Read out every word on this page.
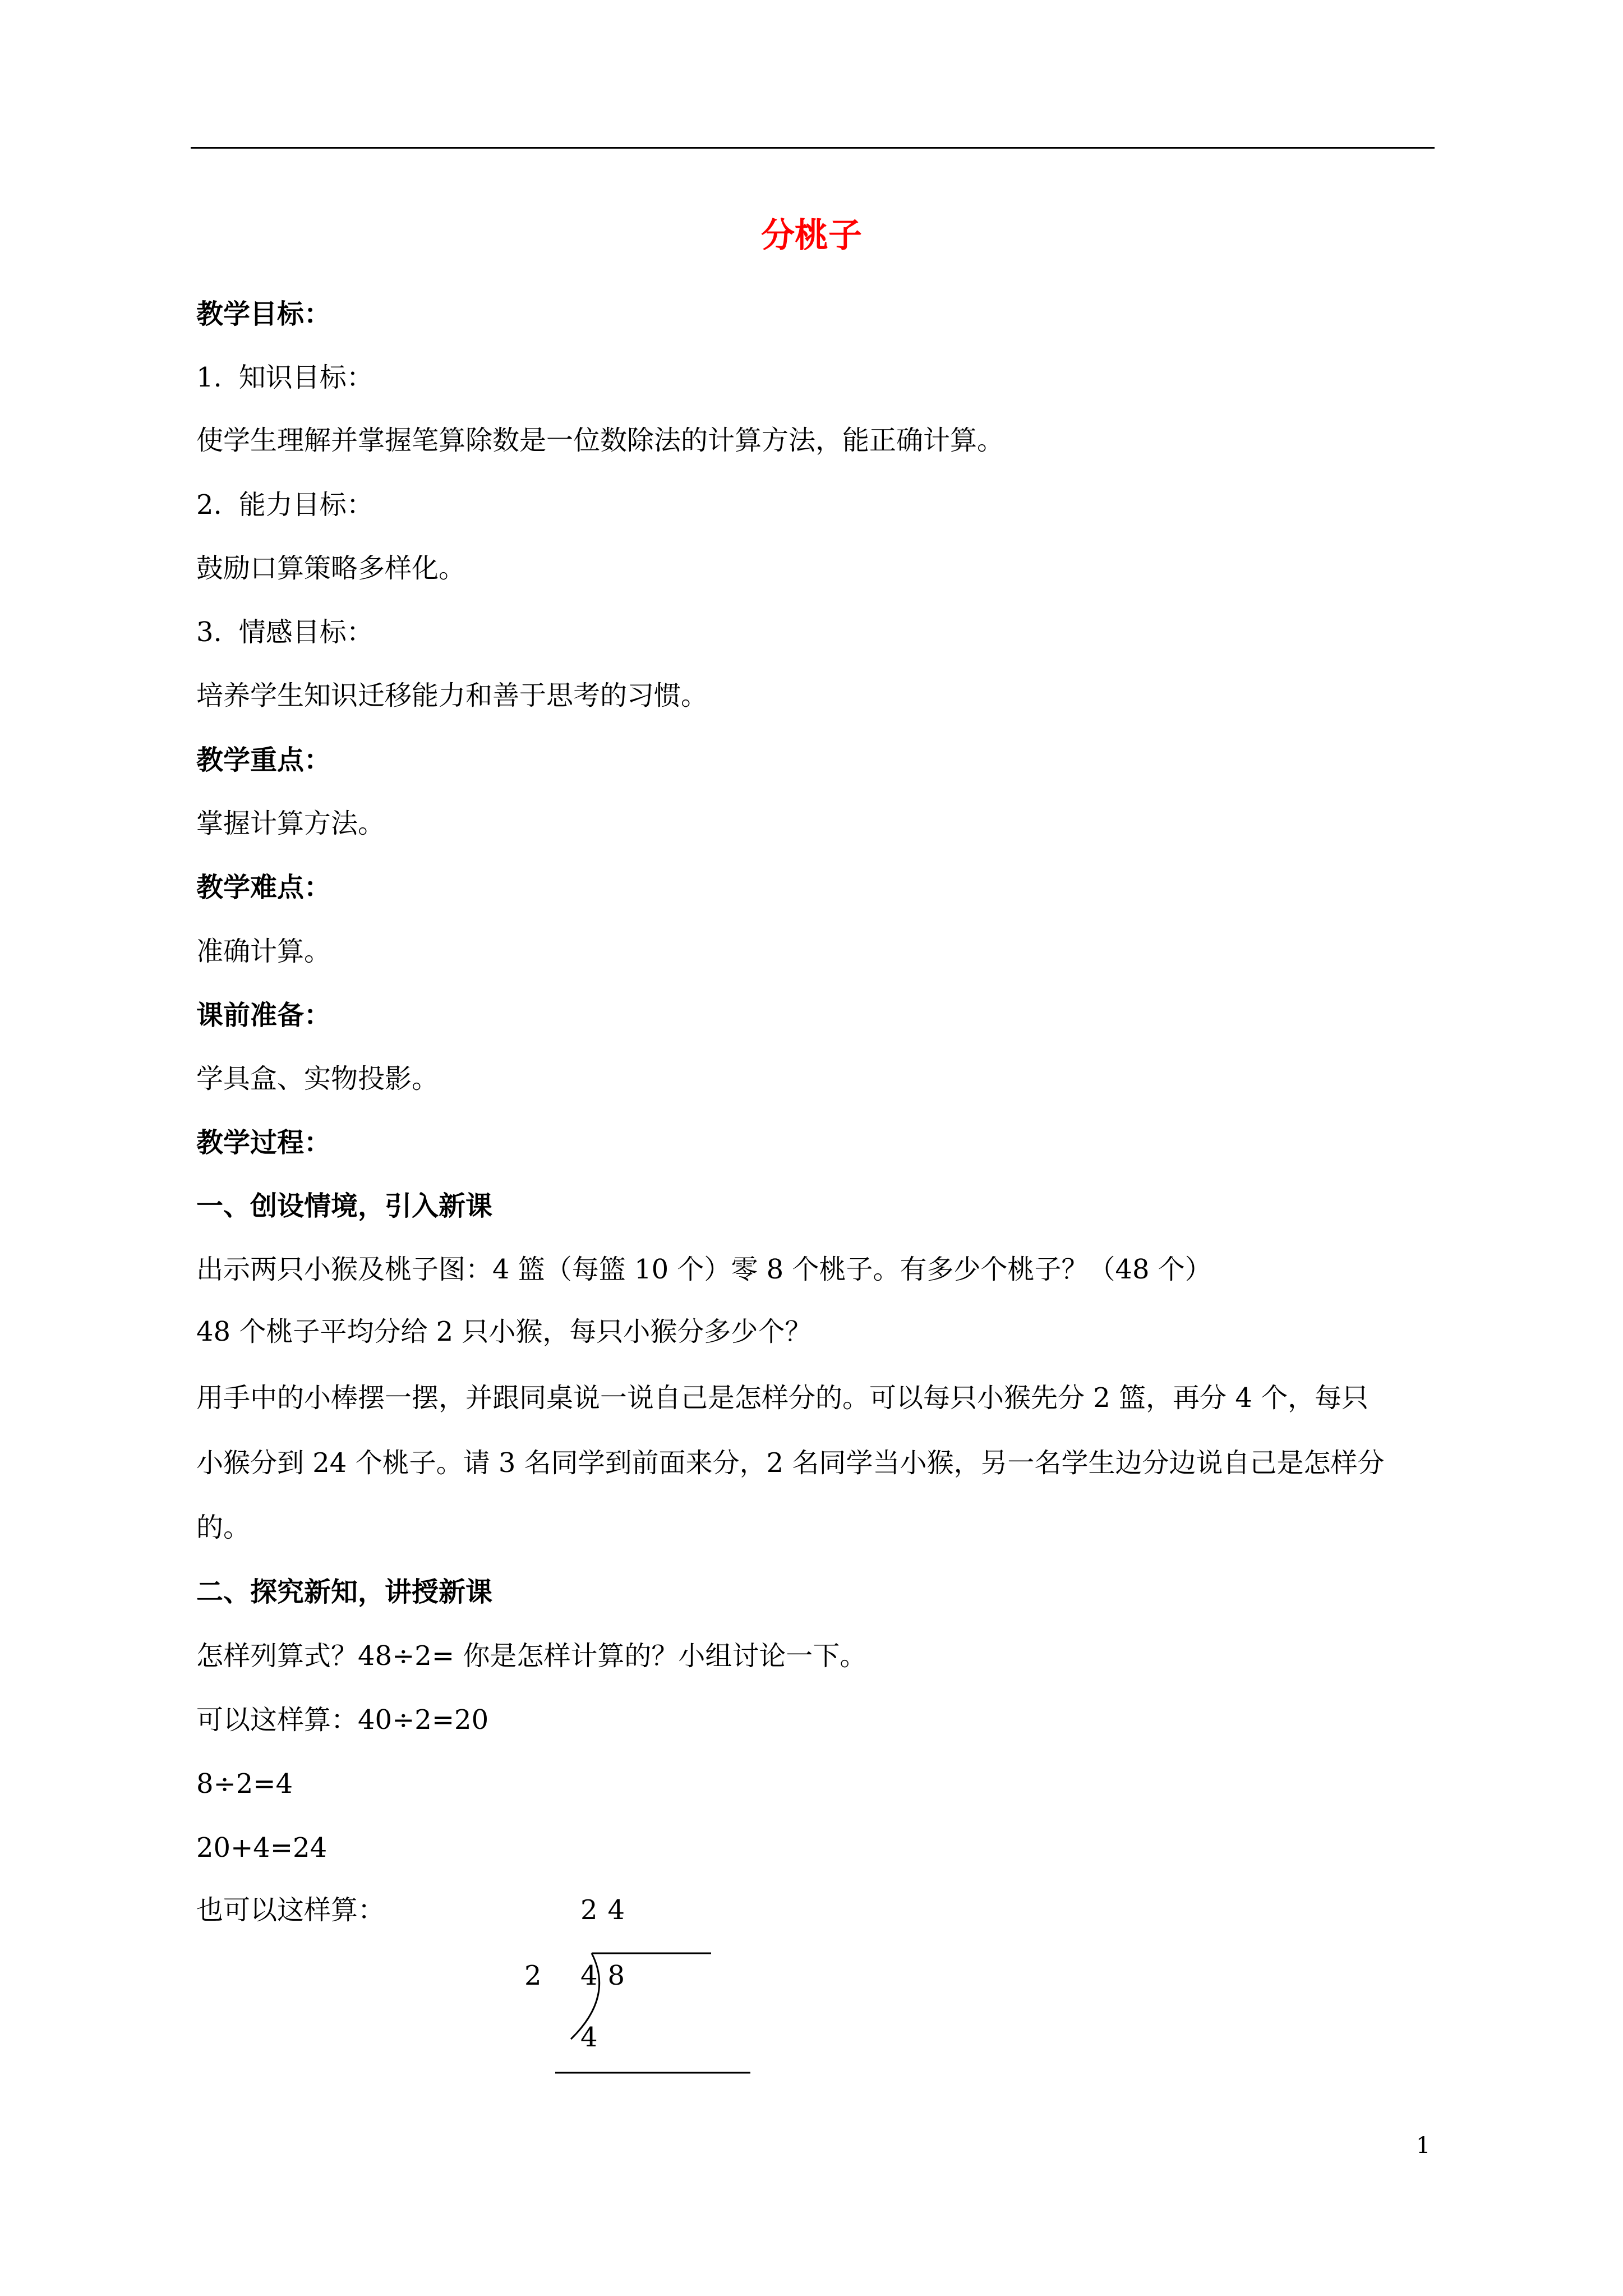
分桃子
教学目标：
1. 知识目标：
使学生理解并掌握笔算除数是一位数除法的计算方法，能正确计算。
2. 能力目标：
鼓励口算策略多样化。
3. 情感目标：
培养学生知识迁移能力和善于思考的习惯。
教学重点：
掌握计算方法。
教学难点：
准确计算。
课前准备：
学具盒、实物投影。
教学过程：
一、创设情境，引入新课
出示两只小猴及桃子图：4 篮（每篮 10 个）零 8 个桃子。有多少个桃子？（48 个）
48 个桃子平均分给 2 只小猴，每只小猴分多少个？
用手中的小棒摆一摆，并跟同桌说一说自己是怎样分的。可以每只小猴先分 2 篮，再分 4 个，每只
小猴分到 24 个桃子。请 3 名同学到前面来分，2 名同学当小猴，另一名学生边分边说自己是怎样分
的。
二、探究新知，讲授新课
怎样列算式？48÷2= 你是怎样计算的？小组讨论一下。
可以这样算：40÷2=20
8÷2=4
20+4=24
也可以这样算：	24
2 48
4
1
